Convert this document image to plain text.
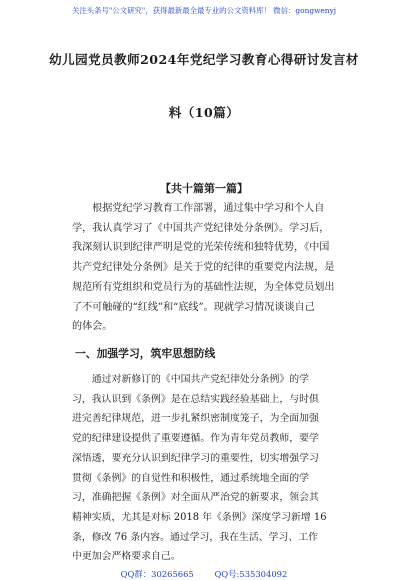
关注头条号"公文研究"，获得最新最全最专业的公文资料库！ 微信：gongwenyj
幼儿园党员教师2024年党纪学习教育心得研讨发言材
料（10篇）
【共十篇第一篇】
　　根据党纪学习教育工作部署，通过集中学习和个人自
学，我认真学习了《中国共产党纪律处分条例》。学习后，
我深刻认识到纪律严明是党的光荣传统和独特优势，《中国
共产党纪律处分条例》是关于党的纪律的重要党内法规，是
规范所有党组织和党员行为的基础性法规，为全体党员划出
了不可触碰的“红线”和“底线”。现就学习情况谈谈自己
的体会。
一、加强学习，筑牢思想防线
　　通过对新修订的《中国共产党纪律处分条例》的学
习，我认识到《条例》是在总结实践经验基础上，与时俱
进完善纪律规范，进一步扎紧织密制度笼子，为全面加强
党的纪律建设提供了重要遵循。作为青年党员教师，要学
深悟透，要充分认识到纪律学习的重要性，切实增强学习
贯彻《条例》的自觉性和积极性，通过系统地全面的学
习，准确把握《条例》对全面从严治党的新要求，领会其
精神实质，尤其是对标 2018 年《条例》深度学习新增 16
条，修改 76 条内容。通过学习，我在生活、学习、工作
中更加会严格要求自己。
QQ群：30265665 QQ号:535304092
